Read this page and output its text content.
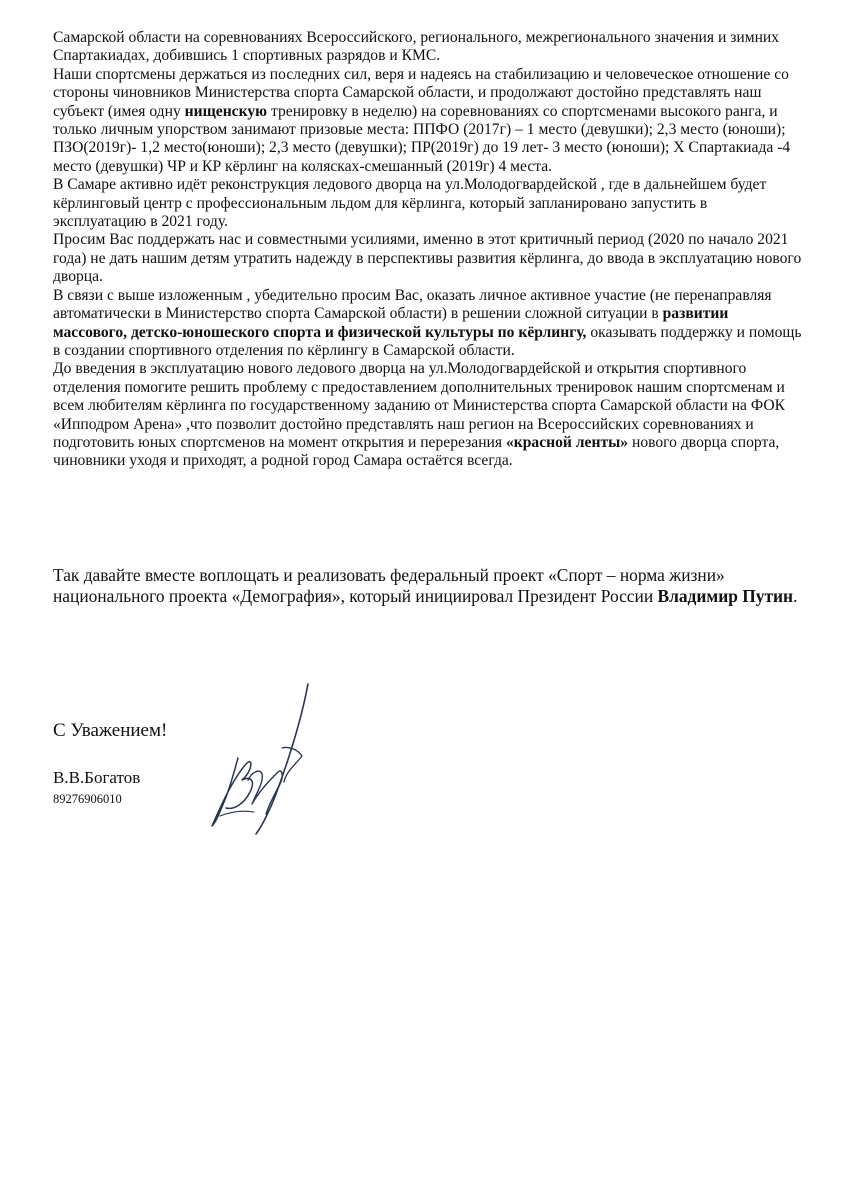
Самарской области на соревнованиях Всероссийского, регионального, межрегионального значения и зимних Спартакиадах, добившись 1 спортивных разрядов и КМС.

Наши спортсмены держаться из последних сил, веря и надеясь на стабилизацию и человеческое отношение со стороны чиновников Министерства спорта Самарской области, и продолжают достойно представлять наш субъект (имея одну нищенскую тренировку в неделю) на соревнованиях со спортсменами высокого ранга, и только личным упорством занимают призовые места: ППФО (2017г) – 1 место (девушки); 2,3 место (юноши); ПЗО(2019г)- 1,2 место(юноши); 2,3 место (девушки); ПР(2019г) до 19 лет- 3 место (юноши); Х Спартакиада -4 место (девушки) ЧР и КР кёрлинг на колясках-смешанный (2019г) 4 места.

В Самаре активно идёт реконструкция ледового дворца на ул.Молодогвардейской , где в дальнейшем будет кёрлинговый центр с профессиональным льдом для кёрлинга, который запланировано запустить в эксплуатацию в 2021 году.

Просим Вас поддержать нас и совместными усилиями, именно в этот критичный период (2020 по начало 2021 года) не дать нашим детям утратить надежду в перспективы развития кёрлинга, до ввода в эксплуатацию нового дворца.

В связи с выше изложенным , убедительно просим Вас, оказать личное активное участие (не перенаправляя автоматически в Министерство спорта Самарской области) в решении сложной ситуации в развитии массового, детско-юношеского спорта и физической культуры по кёрлингу, оказывать поддержку и помощь в создании спортивного отделения по кёрлингу в Самарской области.

До введения в эксплуатацию нового ледового дворца на ул.Молодогвардейской и открытия спортивного отделения помогите решить проблему с предоставлением дополнительных тренировок нашим спортсменам и всем любителям кёрлинга по государственному заданию от Министерства спорта Самарской области на ФОК «Ипподром Арена» ,что позволит достойно представлять наш регион на Всероссийских соревнованиях и подготовить юных спортсменов на момент открытия и перерезания «красной ленты» нового дворца спорта, чиновники уходя и приходят, а родной город Самара остаётся всегда.

Так давайте вместе воплощать и реализовать федеральный проект «Спорт – норма жизни» национального проекта «Демография», который инициировал Президент России Владимир Путин.

С Уважением!
В.В.Богатов
89276906010
